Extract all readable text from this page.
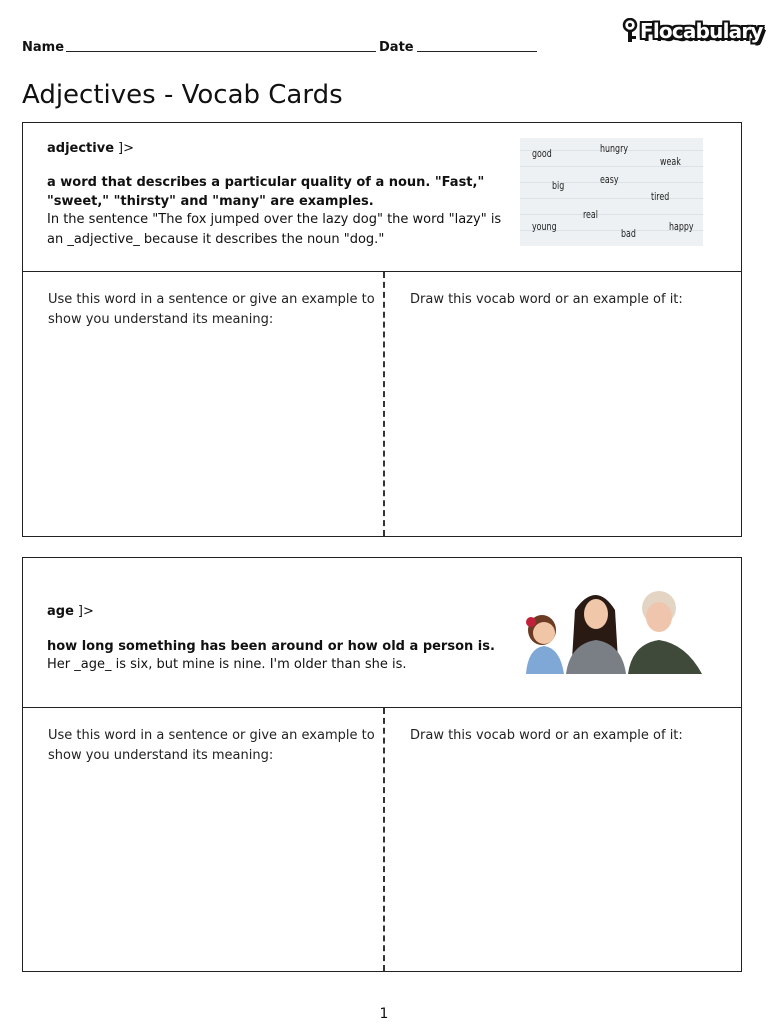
Name	Date
Flocabulary
Adjectives - Vocab Cards
adjective ]>
a word that describes a particular quality of a noun. "Fast," "sweet," "thirsty" and "many" are examples.
In the sentence "The fox jumped over the lazy dog" the word "lazy" is an _adjective_ because it describes the noun "dog."
good	hungry
weak
big	easy
tired
real
young	happy
bad
Use this word in a sentence or give an example to show you understand its meaning:
Draw this vocab word or an example of it:
age ]>
how long something has been around or how old a person is.
Her _age_ is six, but mine is nine. I'm older than she is.
Use this word in a sentence or give an example to show you understand its meaning:
Draw this vocab word or an example of it:
1
